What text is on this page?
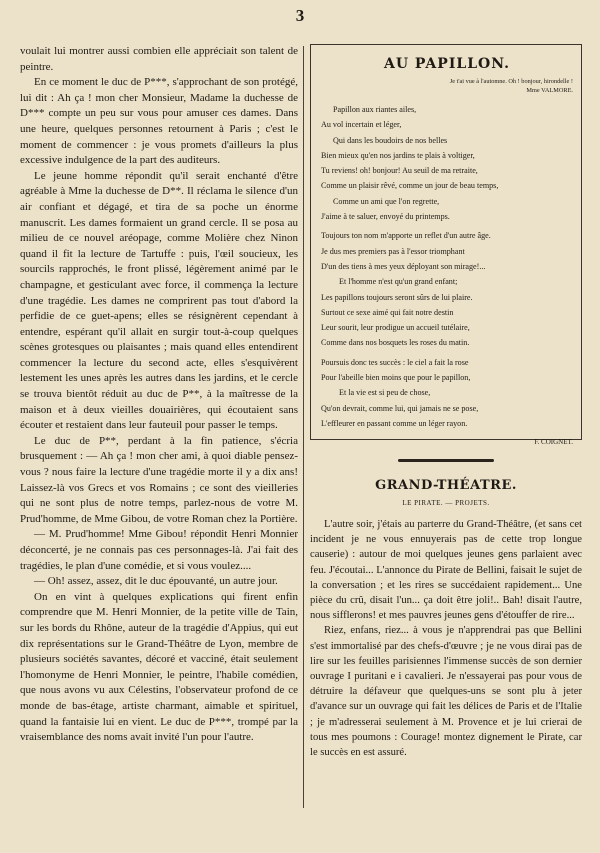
3

voulait lui montrer aussi combien elle appréciait son talent de peintre.

En ce moment le duc de P***, s'approchant de son protégé, lui dit : Ah ça ! mon cher Monsieur, Madame la duchesse de D*** compte un peu sur vous pour amuser ces dames. Dans une heure, quelques personnes retournent à Paris ; c'est le moment de commencer : je vous promets d'ailleurs la plus excessive indulgence de la part des auditeurs.

Le jeune homme répondit qu'il serait enchanté d'être agréable à Mme la duchesse de D**. Il réclama le silence d'un air confiant et dégagé, et tira de sa poche un énorme manuscrit. Les dames formaient un grand cercle. Il se posa au milieu de ce nouvel aréopage, comme Molière chez Ninon quand il fit la lecture de Tartuffe : puis, l'œil soucieux, les sourcils rapprochés, le front plissé, légèrement animé par le champagne, et gesticulant avec force, il commença la lecture d'une tragédie. Les dames ne comprirent pas tout d'abord la perfidie de ce guet-apens; elles se résignèrent cependant à entendre, espérant qu'il allait en surgir tout-à-coup quelques scènes grotesques ou plaisantes ; mais quand elles entendirent commencer la lecture du second acte, elles s'esquivèrent lestement les unes après les autres dans les jardins, et le cercle se trouva bientôt réduit au duc de P**, à la maîtresse de la maison et à deux vieilles douairières, qui écoutaient sans écouter et restaient dans leur fauteuil pour passer le temps.

Le duc de P**, perdant à la fin patience, s'écria brusquement : — Ah ça ! mon cher ami, à quoi diable pensez-vous ? nous faire la lecture d'une tragédie morte il y a dix ans! Laissez-là vos Grecs et vos Romains ; ce sont des vieilleries qui ne sont plus de notre temps, parlez-nous de votre M. Prud'homme, de Mme Gibou, de votre Roman chez la Portière.

— M. Prud'homme! Mme Gibou! répondit Henri Monnier déconcerté, je ne connais pas ces personnages-là. J'ai fait des tragédies, le plan d'une comédie, et si vous voulez....

— Oh! assez, assez, dit le duc épouvanté, un autre jour.

On en vint à quelques explications qui firent enfin comprendre que M. Henri Monnier, de la petite ville de Tain, sur les bords du Rhône, auteur de la tragédie d'Appius, qui eut dix représentations sur le Grand-Théâtre de Lyon, membre de plusieurs sociétés savantes, décoré et vacciné, était seulement l'homonyme de Henri Monnier, le peintre, l'habile comédien, que nous avons vu aux Célestins, l'observateur profond de ce monde de bas-étage, artiste charmant, aimable et spirituel, quand la fantaisie lui en vient. Le duc de P***, trompé par la vraisemblance des noms avait invité l'un pour l'autre.

AU PAPILLON.
Je t'ai vue à l'automne. Oh ! bonjour, hirondelle !
Mme VALMORE.
Papillon aux riantes ailes,
Au vol incertain et léger,
Qui dans les boudoirs de nos belles
Bien mieux qu'en nos jardins te plais à voltiger,
Tu reviens! oh! bonjour! Au seuil de ma retraite,
Comme un plaisir rêvé, comme un jour de beau temps,
Comme un ami que l'on regrette,
J'aime à te saluer, envoyé du printemps.
Toujours ton nom m'apporte un reflet d'un autre âge.
Je dus mes premiers pas à l'essor triomphant
D'un des tiens à mes yeux déployant son mirage!...
Et l'homme n'est qu'un grand enfant;
Les papillons toujours seront sûrs de lui plaire.
Surtout ce sexe aimé qui fait notre destin
Leur sourit, leur prodigue un accueil tutélaire,
Comme dans nos bosquets les roses du matin.
Poursuis donc tes succès : le ciel a fait la rose
Pour l'abeille bien moins que pour le papillon,
Et la vie est si peu de chose,
Qu'on devrait, comme lui, qui jamais ne se pose,
L'effleurer en passant comme un léger rayon.
F. COIGNET.
GRAND-THÉATRE.
LE PIRATE. — PROJETS.

L'autre soir, j'étais au parterre du Grand-Théâtre, (et sans cet incident je ne vous ennuyerais pas de cette trop longue causerie) : autour de moi quelques jeunes gens parlaient avec feu. J'écoutai... L'annonce du Pirate de Bellini, faisait le sujet de la conversation ; et les rires se succédaient rapidement... Une pièce du crû, disait l'un... ça doit être joli!.. Bah! disait l'autre, nous sifflerons! et mes pauvres jeunes gens d'étouffer de rire...

Riez, enfans, riez... à vous je n'apprendrai pas que Bellini s'est immortalisé par des chefs-d'œuvre ; je ne vous dirai pas de lire sur les feuilles parisiennes l'immense succès de son dernier ouvrage I puritani e i cavalieri. Je n'essayerai pas pour vous de détruire la défaveur que quelques-uns se sont plu à jeter d'avance sur un ouvrage qui fait les délices de Paris et de l'Italie ; je m'adresserai seulement à M. Provence et je lui crierai de tous mes poumons : Courage! montez dignement le Pirate, car le succès en est assuré.
